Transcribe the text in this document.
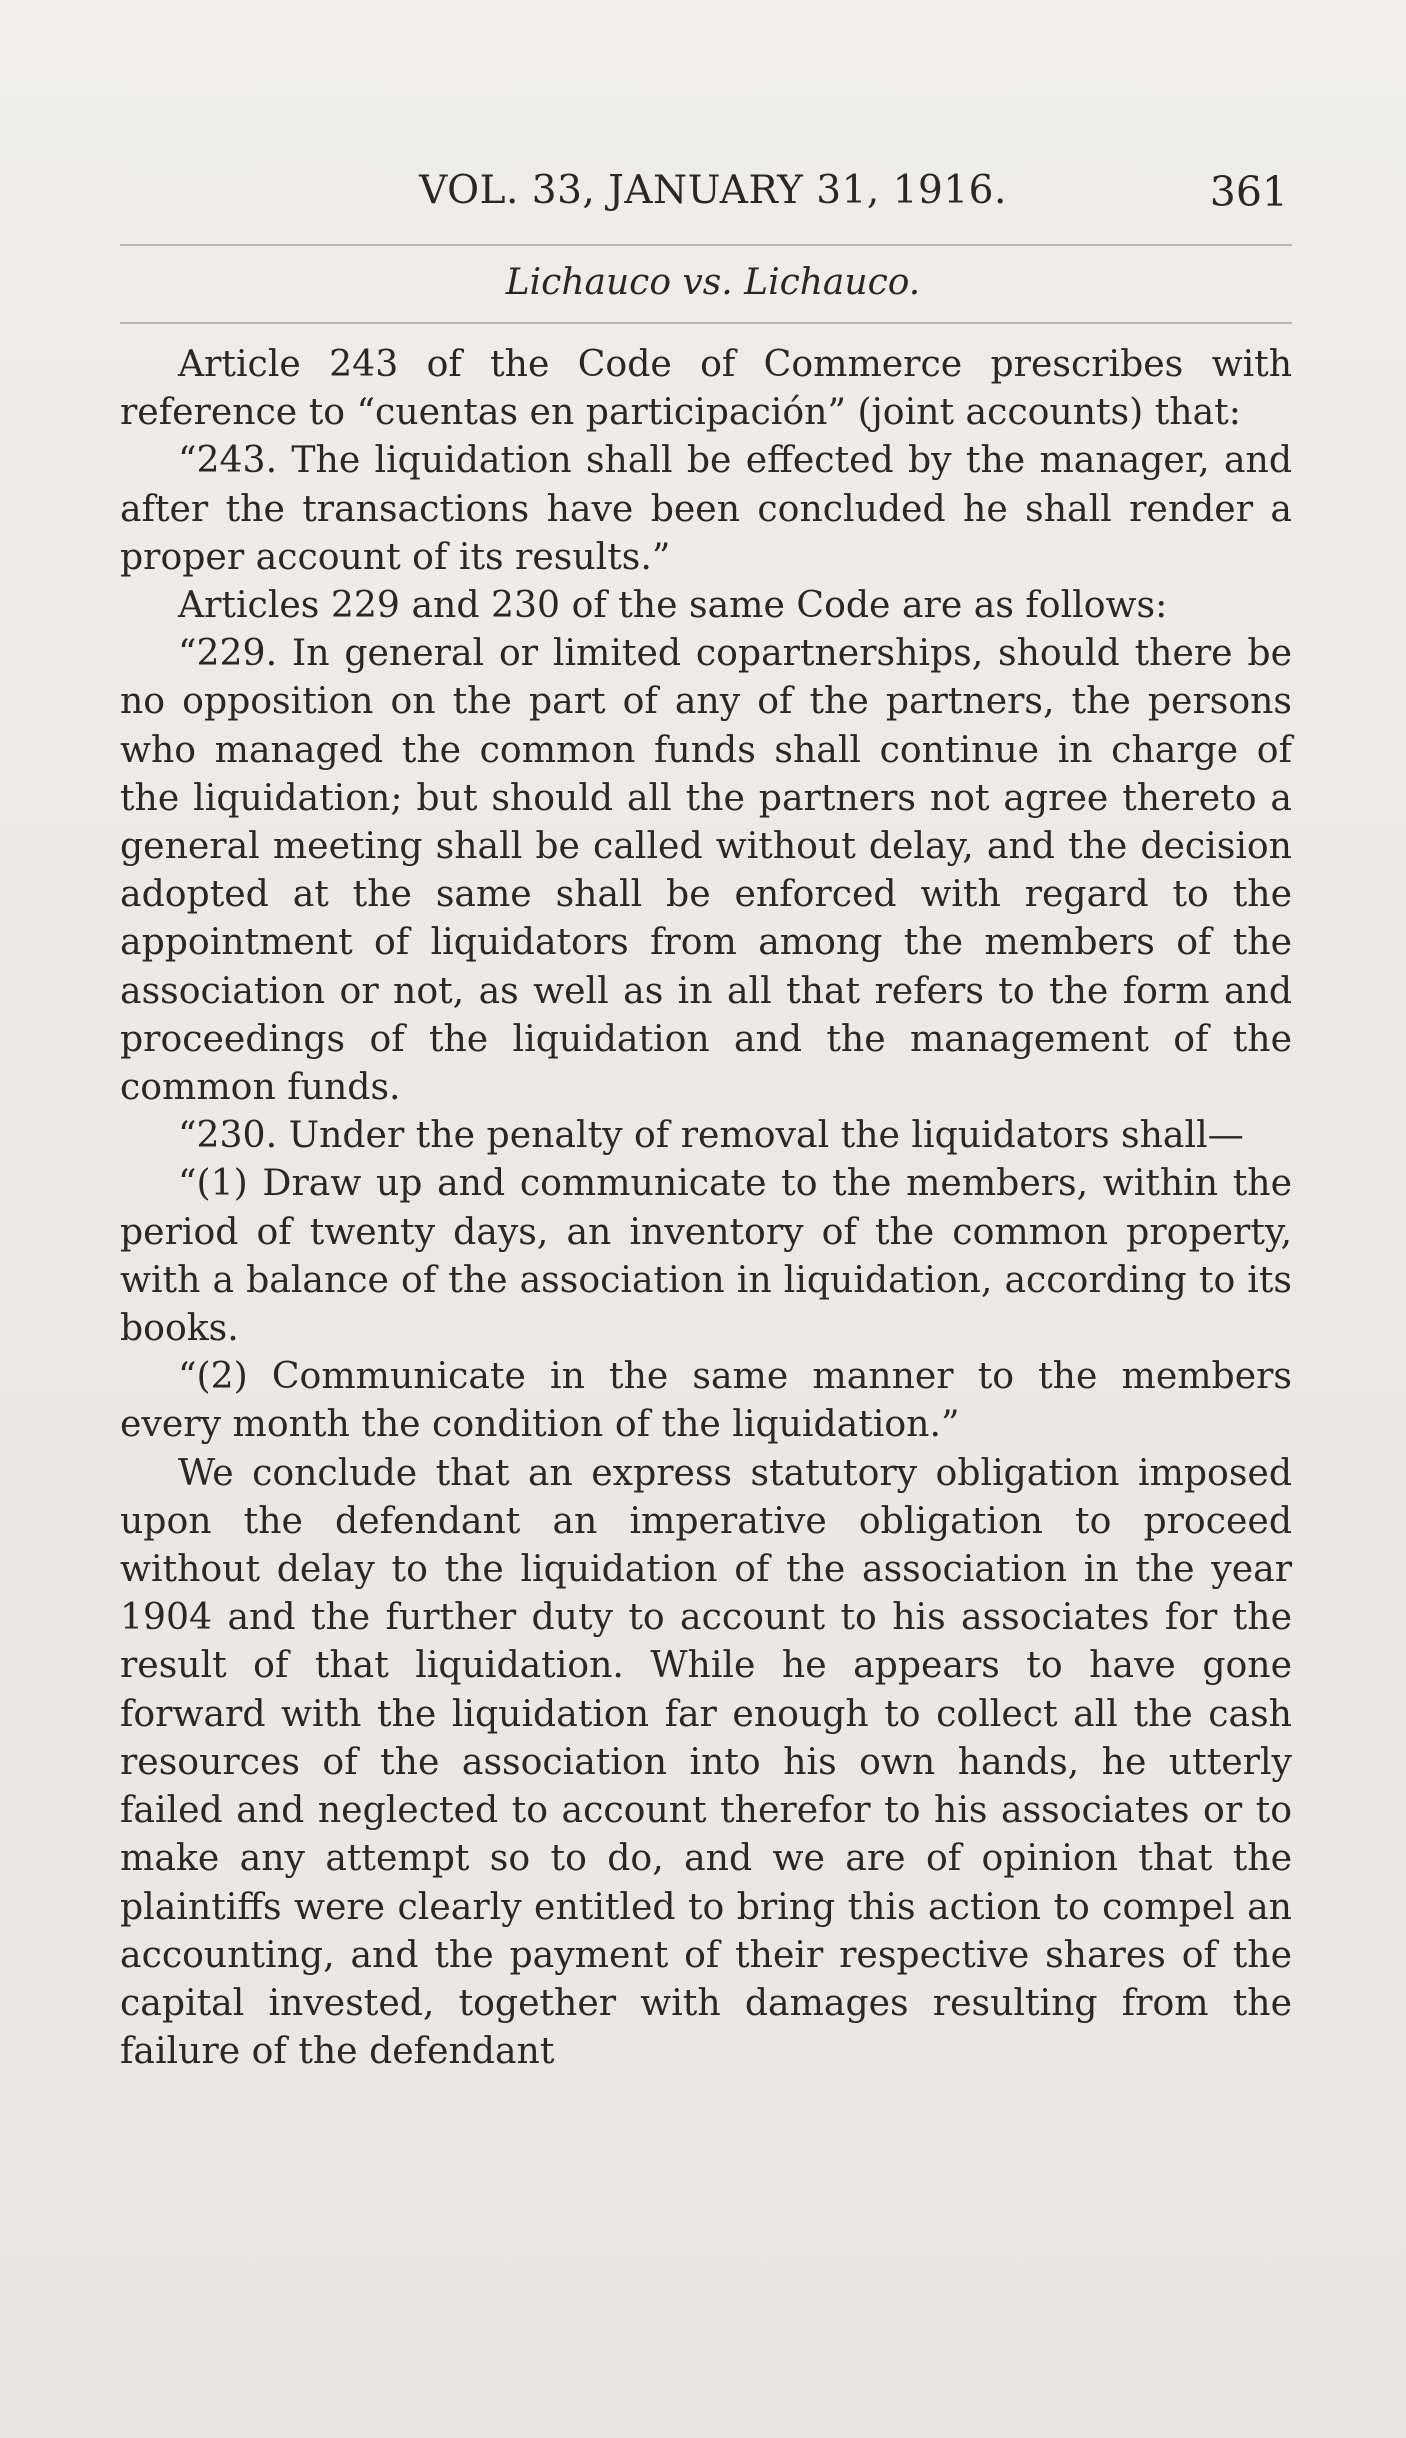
VOL. 33, JANUARY 31, 1916.	361
Lichauco vs. Lichauco.

Article 243 of the Code of Commerce prescribes with reference to “cuentas en participación” (joint accounts) that:

“243. The liquidation shall be effected by the manager, and after the transactions have been concluded he shall render a proper account of its results.”

Articles 229 and 230 of the same Code are as follows:

“229. In general or limited copartnerships, should there be no opposition on the part of any of the partners, the persons who managed the common funds shall continue in charge of the liquidation; but should all the partners not agree thereto a general meeting shall be called without delay, and the decision adopted at the same shall be enforced with regard to the appointment of liquidators from among the members of the association or not, as well as in all that refers to the form and proceedings of the liquidation and the management of the common funds.

“230. Under the penalty of removal the liquidators shall—

“(1) Draw up and communicate to the members, within the period of twenty days, an inventory of the common property, with a balance of the association in liquidation, according to its books.

“(2) Communicate in the same manner to the members every month the condition of the liquidation.”

We conclude that an express statutory obligation imposed upon the defendant an imperative obligation to proceed without delay to the liquidation of the association in the year 1904 and the further duty to account to his associates for the result of that liquidation. While he appears to have gone forward with the liquidation far enough to collect all the cash resources of the association into his own hands, he utterly failed and neglected to account therefor to his associates or to make any attempt so to do, and we are of opinion that the plaintiffs were clearly entitled to bring this action to compel an accounting, and the payment of their respective shares of the capital invested, together with damages resulting from the failure of the defendant
